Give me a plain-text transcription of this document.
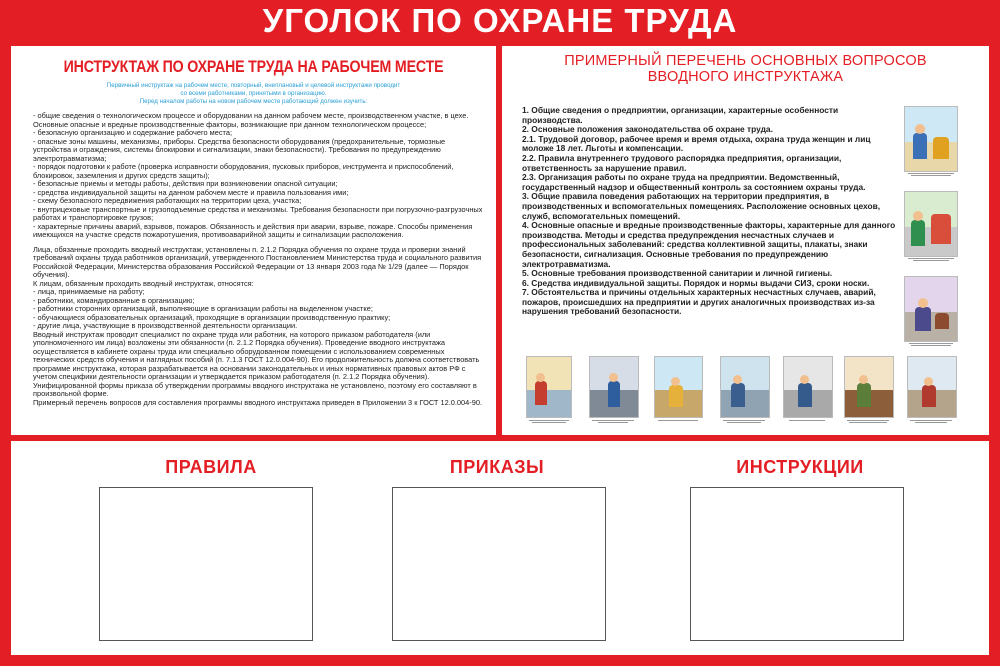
УГОЛОК ПО ОХРАНЕ ТРУДА
ИНСТРУКТАЖ ПО ОХРАНЕ ТРУДА НА РАБОЧЕМ МЕСТЕ
Первичный инструктаж на рабочем месте, повторный, внеплановый и целевой инструктажи проводит
со всеми работниками, принятыми в организацию.
Перед началом работы на новом рабочем месте работающий должен изучить:

- общие сведения о технологическом процессе и оборудовании на данном рабочем месте, производственном участке, в цехе. Основные опасные и вредные производственные факторы, возникающие при данном технологическом процессе;

- безопасную организацию и содержание рабочего места;

- опасные зоны машины, механизмы, приборы. Средства безопасности оборудования (предохранительные, тормозные устройства и ограждения, системы блокировки и сигнализации, знаки безопасности). Требования по предупреждению электротравматизма;

- порядок подготовки к работе (проверка исправности оборудования, пусковых приборов, инструмента и приспособлений, блокировок, заземления и других средств защиты);

- безопасные приемы и методы работы, действия при возникновении опасной ситуации;

- средства индивидуальной защиты на данном рабочем месте и правила пользования ими;

- схему безопасного передвижения работающих на территории цеха, участка;

- внутрицеховые транспортные и грузоподъемные средства и механизмы. Требования безопасности при погрузочно-разгрузочных работах и транспортировке грузов;

- характерные причины аварий, взрывов, пожаров. Обязанность и действия при аварии, взрыве, пожаре. Способы применения имеющихся на участке средств пожаротушения, противоаварийной защиты и сигнализации расположения.

Лица, обязанные проходить вводный инструктаж, установлены п. 2.1.2 Порядка обучения по охране труда и проверки знаний требований охраны труда работников организаций, утвержденного Постановлением Министерства труда и социального развития Российской Федерации, Министерства образования Российской Федерации от 13 января 2003 года № 1/29 (далее — Порядок обучения).

К лицам, обязанным проходить вводный инструктаж, относятся:

- лица, принимаемые на работу;

- работники, командированные в организацию;

- работники сторонних организаций, выполняющие в организации работы на выделенном участке;

- обучающиеся образовательных организаций, проходящие в организации производственную практику;

- другие лица, участвующие в производственной деятельности организации.

Вводный инструктаж проводит специалист по охране труда или работник, на которого приказом работодателя (или уполномоченного им лица) возложены эти обязанности (п. 2.1.2 Порядка обучения). Проведение вводного инструктажа осуществляется в кабинете охраны труда или специально оборудованном помещении с использованием современных технических средств обучения и наглядных пособий (п. 7.1.3 ГОСТ 12.0.004-90). Его продолжительность должна соответствовать программе инструктажа, которая разрабатывается на основании законодательных и иных нормативных правовых актов РФ с учетом специфики деятельности организации и утверждается приказом работодателя (п. 2.1.2 Порядка обучения). Унифицированной формы приказа об утверждении программы вводного инструктажа не установлено, поэтому его составляют в произвольной форме.

Примерный перечень вопросов для составления программы вводного инструктажа приведен в Приложении 3 к ГОСТ 12.0.004-90.

ПРИМЕРНЫЙ ПЕРЕЧЕНЬ ОСНОВНЫХ ВОПРОСОВ
ВВОДНОГО ИНСТРУКТАЖА

1. Общие сведения о предприятии, организации, характерные особенности производства.

2. Основные положения законодательства об охране труда.

2.1. Трудовой договор, рабочее время и время отдыха, охрана труда женщин и лиц моложе 18 лет. Льготы и компенсации.

2.2. Правила внутреннего трудового распорядка предприятия, организации, ответственность за нарушение правил.

2.3. Организация работы по охране труда на предприятии. Ведомственный, государственный надзор и общественный контроль за состоянием охраны труда.

3. Общие правила поведения работающих на территории предприятия, в производственных и вспомогательных помещениях. Расположение основных цехов, служб, вспомогательных помещений.

4. Основные опасные и вредные производственные факторы, характерные для данного производства. Методы и средства предупреждения несчастных случаев и профессиональных заболеваний: средства коллективной защиты, плакаты, знаки безопасности, сигнализация. Основные требования по предупреждению электротравматизма.

5. Основные требования производственной санитарии и личной гигиены.

6. Средства индивидуальной защиты. Порядок и нормы выдачи СИЗ, сроки носки.

7. Обстоятельства и причины отдельных характерных несчастных случаев, аварий, пожаров, происшедших на предприятии и других аналогичных производствах из-за нарушения требований безопасности.

ПРАВИЛА	ПРИКАЗЫ	ИНСТРУКЦИИ
